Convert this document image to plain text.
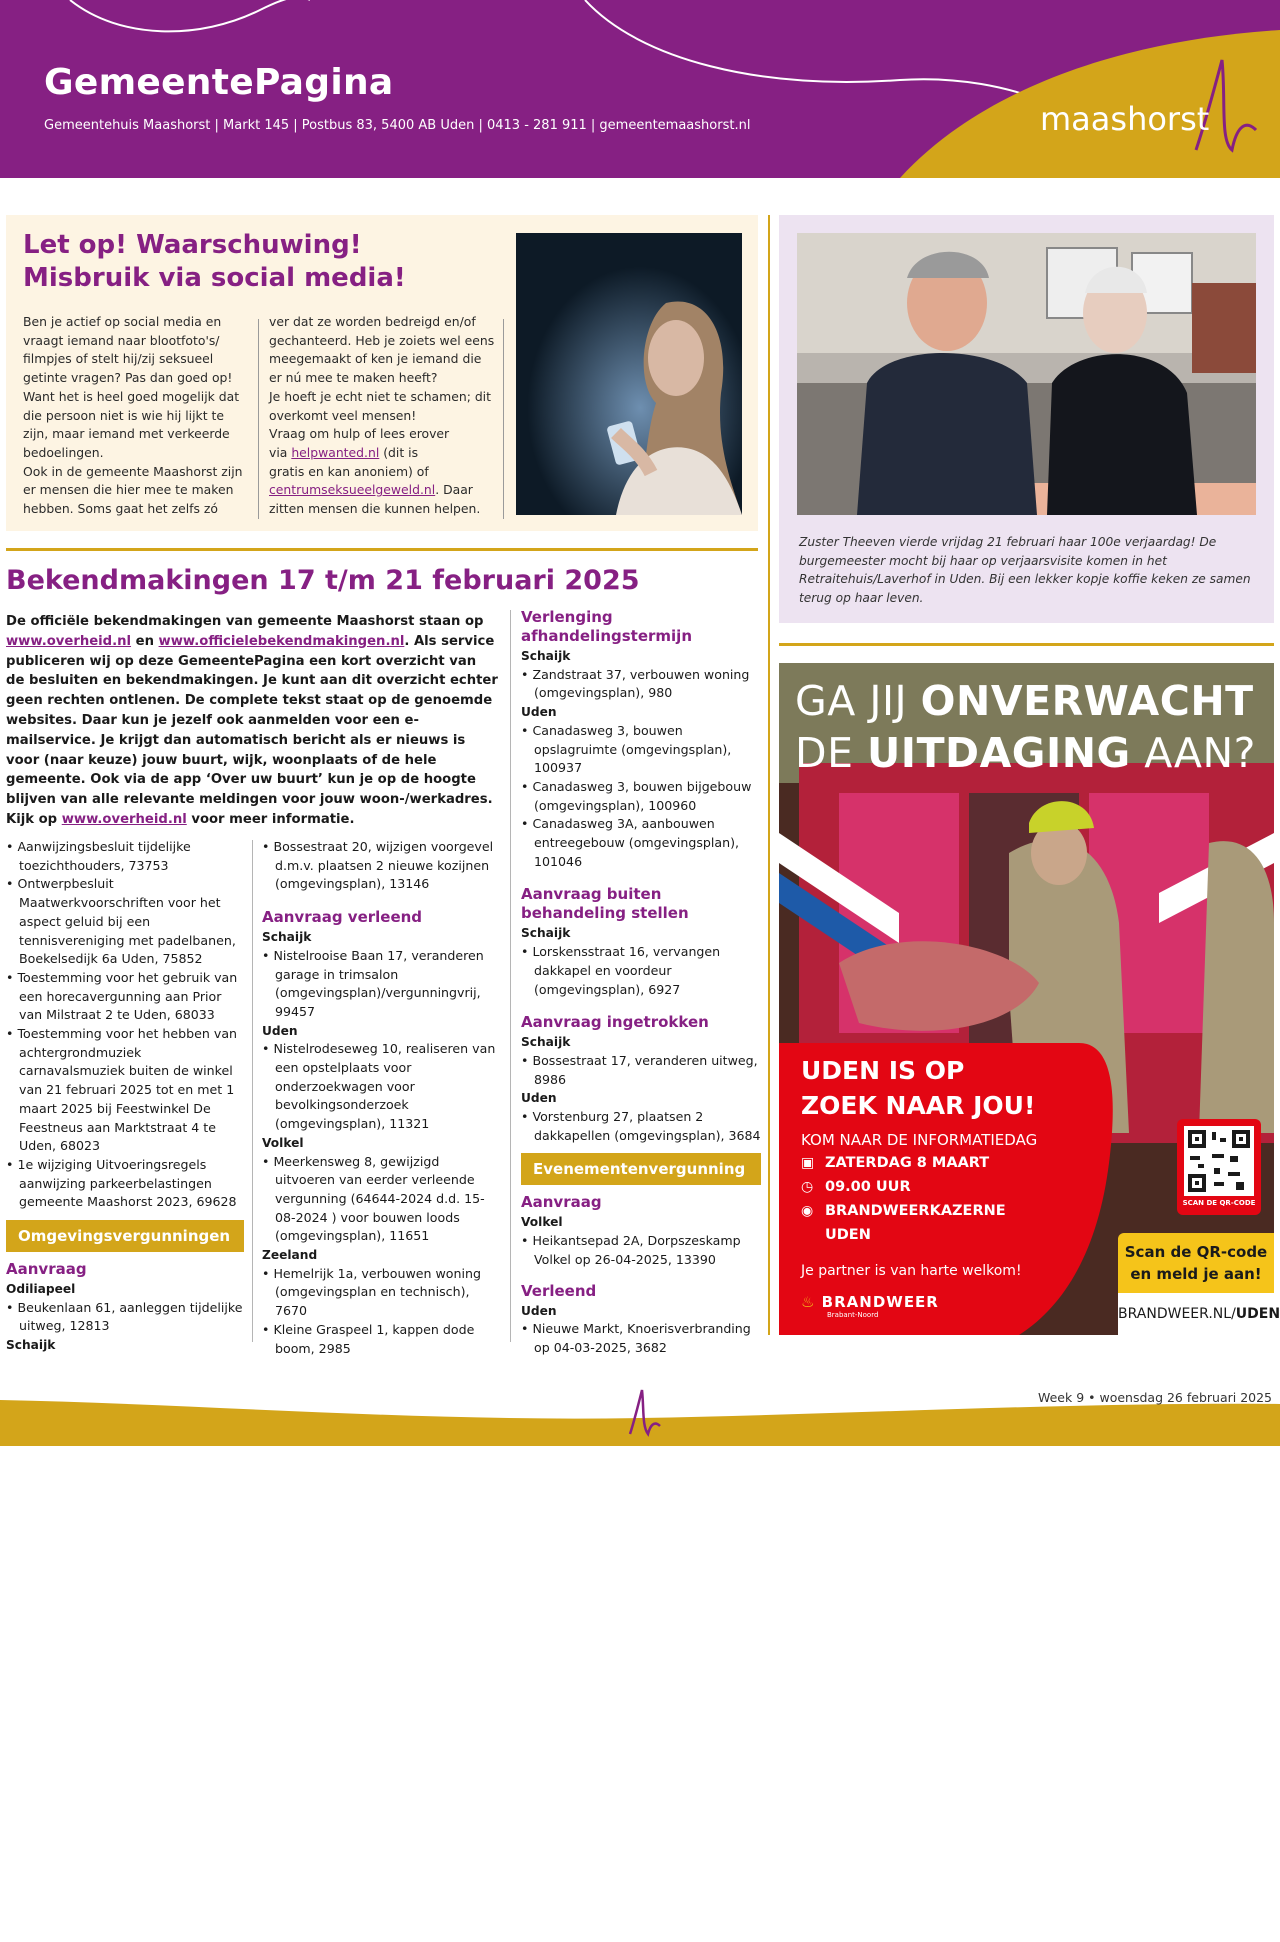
GemeentePagina
Gemeentehuis Maashorst | Markt 145 | Postbus 83, 5400 AB Uden | 0413 - 281 911 | gemeentemaashorst.nl	maashorst
Let op! Waarschuwing!
Misbruik via social media!
Ben je actief op social media en
vraagt iemand naar blootfoto's/
filmpjes of stelt hij/zij seksueel
getinte vragen? Pas dan goed op!
Want het is heel goed mogelijk dat
die persoon niet is wie hij lijkt te
zijn, maar iemand met verkeerde
bedoelingen.
Ook in de gemeente Maashorst zijn
er mensen die hier mee te maken
hebben. Soms gaat het zelfs zó
ver dat ze worden bedreigd en/of
gechanteerd. Heb je zoiets wel eens
meegemaakt of ken je iemand die
er nú mee te maken heeft?
Je hoeft je echt niet te schamen; dit
overkomt veel mensen!
Vraag om hulp of lees erover
via helpwanted.nl (dit is
gratis en kan anoniem) of
centrumseksueelgeweld.nl. Daar
zitten mensen die kunnen helpen.
Bekendmakingen 17 t/m 21 februari 2025
De officiële bekendmakingen van gemeente Maashorst staan op www.overheid.nl en www.officielebekendmakingen.nl. Als service publiceren wij op deze GemeentePagina een kort overzicht van de besluiten en bekendmakingen. Je kunt aan dit overzicht echter geen rechten ontlenen. De complete tekst staat op de genoemde websites. Daar kun je jezelf ook aanmelden voor een e-mailservice. Je krijgt dan automatisch bericht als er nieuws is voor (naar keuze) jouw buurt, wijk, woonplaats of de hele gemeente. Ook via de app ‘Over uw buurt’ kun je op de hoogte blijven van alle relevante meldingen voor jouw woon-/werkadres. Kijk op www.overheid.nl voor meer informatie.
• Aanwijzingsbesluit tijdelijke toezichthouders, 73753
• Ontwerpbesluit Maatwerkvoorschriften voor het aspect geluid bij een tennisvereniging met padelbanen, Boekelsedijk 6a Uden, 75852
• Toestemming voor het gebruik van een horecavergunning aan Prior van Milstraat 2 te Uden, 68033
• Toestemming voor het hebben van achtergrondmuziek carnavalsmuziek buiten de winkel van 21 februari 2025 tot en met 1 maart 2025 bij Feestwinkel De Feestneus aan Marktstraat 4 te Uden, 68023
• 1e wijziging Uitvoeringsregels aanwijzing parkeerbelastingen gemeente Maashorst 2023, 69628
Omgevingsvergunningen
Aanvraag
Odiliapeel
• Beukenlaan 61, aanleggen tijdelijke uitweg, 12813
Schaijk
• Bossestraat 20, wijzigen voorgevel d.m.v. plaatsen 2 nieuwe kozijnen (omgevingsplan), 13146
Aanvraag verleend
Schaijk
• Nistelrooise Baan 17, veranderen garage in trimsalon (omgevingsplan)/vergunningvrij, 99457
Uden
• Nistelrodeseweg 10, realiseren van een opstelplaats voor onderzoekwagen voor bevolkingsonderzoek (omgevingsplan), 11321
Volkel
• Meerkensweg 8, gewijzigd uitvoeren van eerder verleende vergunning (64644-2024 d.d. 15-08-2024 ) voor bouwen loods (omgevingsplan), 11651
Zeeland
• Hemelrijk 1a, verbouwen woning (omgevingsplan en technisch), 7670
• Kleine Graspeel 1, kappen dode boom, 2985
Verlenging afhandelingstermijn
Schaijk
• Zandstraat 37, verbouwen woning (omgevingsplan), 980
Uden
• Canadasweg 3, bouwen opslagruimte (omgevingsplan), 100937
• Canadasweg 3, bouwen bijgebouw (omgevingsplan), 100960
• Canadasweg 3A, aanbouwen entreegebouw (omgevingsplan), 101046
Aanvraag buiten behandeling stellen
Schaijk
• Lorskensstraat 16, vervangen dakkapel en voordeur (omgevingsplan), 6927
Aanvraag ingetrokken
Schaijk
• Bossestraat 17, veranderen uitweg, 8986
Uden
• Vorstenburg 27, plaatsen 2 dakkapellen (omgevingsplan), 3684
Evenementenvergunning
Aanvraag
Volkel
• Heikantsepad 2A, Dorpszeskamp Volkel op 26-04-2025, 13390
Verleend
Uden
• Nieuwe Markt, Knoerisverbranding op 04-03-2025, 3682
Zuster Theeven vierde vrijdag 21 februari haar 100e verjaardag! De burgemeester mocht bij haar op verjaarsvisite komen in het Retraitehuis/Laverhof in Uden. Bij een lekker kopje koffie keken ze samen terug op haar leven.
GA JIJ ONVERWACHT
DE UITDAGING AAN?
UDEN IS OP
ZOEK NAAR JOU!
KOM NAAR DE INFORMATIEDAG
▣ ZATERDAG 8 MAART
◷ 09.00 UUR
◉ BRANDWEERKAZERNE
UDEN
Je partner is van harte welkom!
SCAN DE QR-CODE
Scan de QR-code
en meld je aan!
BRANDWEER.NL/UDEN
♨ BRANDWEER
Brabant-Noord
Week 9 • woensdag 26 februari 2025
